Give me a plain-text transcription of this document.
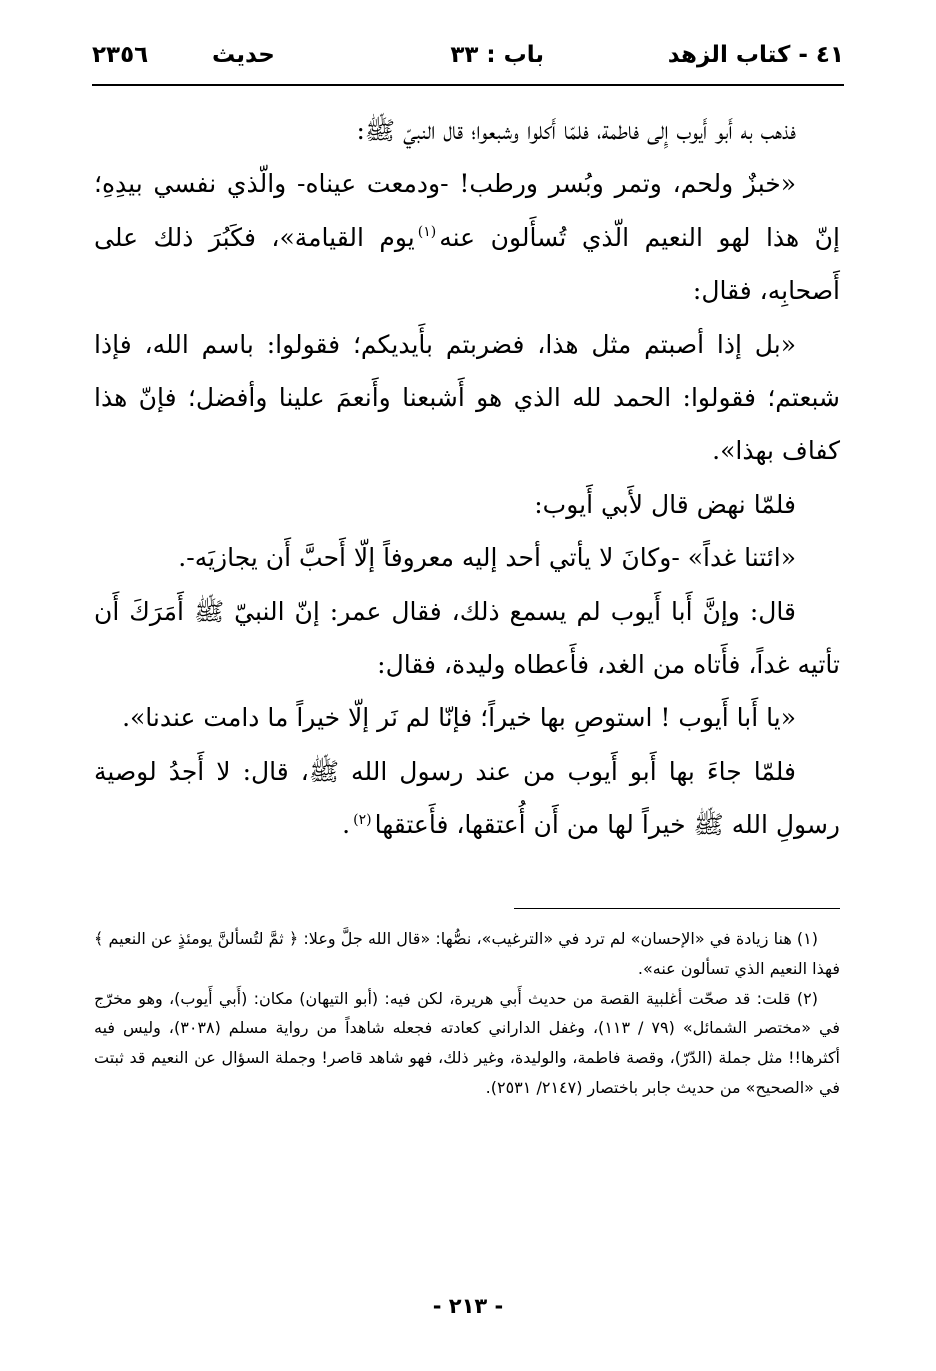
٤١ - كتاب الزهد
باب : ٣٣
حديث
٢٣٥٦

فذهب به أَبو أَيوب إِلى فاطمة، فلمّا أَكلوا وشبعوا؛ قال النبيّ ﷺ:

«خبزٌ ولحم، وتمر وبُسر ورطب! -ودمعت عيناه- والّذي نفسي بيدِهِ؛ إنّ هذا لهو النعيم الّذي تُسأَلون عنه$^{(١)}$يوم القيامة»، فكَبُرَ ذلك على أَصحابِه، فقال:

«بل إذا أصبتم مثل هذا، فضربتم بأَيديكم؛ فقولوا: باسم الله، فإذا شبعتم؛ فقولوا: الحمد لله الذي هو أَشبعنا وأَنعمَ علينا وأفضل؛ فإنّ هذا كفاف بهذا».

فلمّا نهض قال لأَبي أَيوب:

«ائتنا غداً» -وكانَ لا يأتي أحد إليه معروفاً إلّا أَحبَّ أَن يجازيَه-.

قال: وإنَّ أَبا أَيوب لم يسمع ذلك، فقال عمر: إنّ النبيّ ﷺ أَمَرَكَ أَن تأتيه غداً، فأَتاه من الغد، فأَعطاه وليدة، فقال:

«يا أَبا أَيوب ! استوصِ بها خيراً؛ فإنّا لم نَر إلّا خيراً ما دامت عندنا».

فلمّا جاءَ بها أَبو أَيوب من عند رسول الله ﷺ، قال: لا أَجدُ لوصية رسولِ الله ﷺ خيراً لها من أَن أُعتقها، فأَعتقها$^{(٢)}$.

(١) هنا زيادة في «الإحسان» لم ترد في «الترغيب»، نصُّها: «قال الله جلَّ وعلا: ﴿ ثمَّ لتُسألنَّ يومئذٍ عن النعيم ﴾ فهذا النعيم الذي تسألون عنه».

(٢) قلت: قد صحّت أغلبية القصة من حديث أَبي هريرة، لكن فيه: (أبو التيهان) مكان: (أَبي أَيوب)، وهو مخرّج في «مختصر الشمائل» (٧٩ / ١١٣)، وغفل الداراني كعادته فجعله شاهداً من رواية مسلم (٣٠٣٨)، وليس فيه أكثرها!! مثل جملة (الدّرّ)، وقصة فاطمة، والوليدة، وغير ذلك، فهو شاهد قاصر! وجملة السؤال عن النعيم قد ثبتت في «الصحيح» من حديث جابر باختصار (٢١٤٧/ ٢٥٣١).

- ٢١٣ -
